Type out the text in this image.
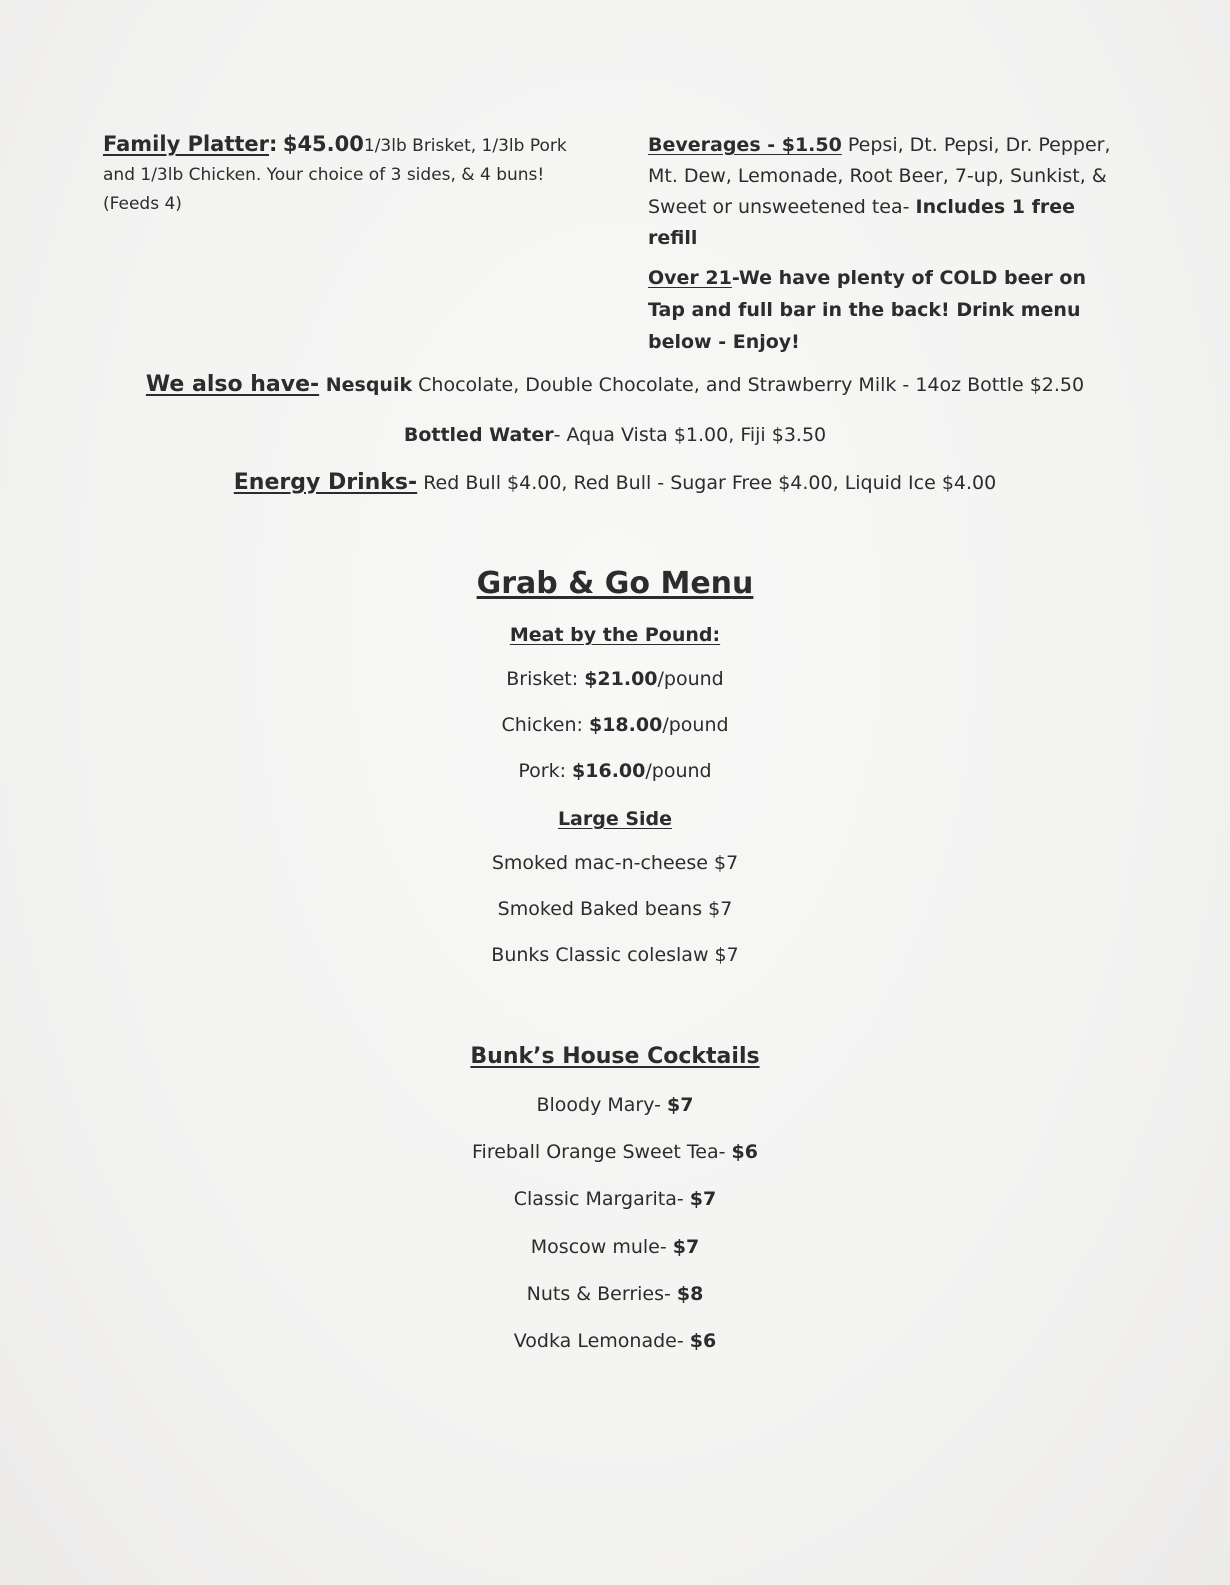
Family Platter: $45.001/3lb Brisket, 1/3lb Pork and 1/3lb Chicken. Your choice of 3 sides, & 4 buns! (Feeds 4)
Beverages - $1.50 Pepsi, Dt. Pepsi, Dr. Pepper, Mt. Dew, Lemonade, Root Beer, 7-up, Sunkist, & Sweet or unsweetened tea- Includes 1 free refill
Over 21-We have plenty of COLD beer on Tap and full bar in the back! Drink menu below - Enjoy!
We also have- Nesquik Chocolate, Double Chocolate, and Strawberry Milk - 14oz Bottle $2.50
Bottled Water- Aqua Vista $1.00, Fiji $3.50
Energy Drinks- Red Bull $4.00, Red Bull - Sugar Free $4.00, Liquid Ice $4.00
Grab & Go Menu
Meat by the Pound:
Brisket: $21.00/pound
Chicken: $18.00/pound
Pork: $16.00/pound
Large Side
Smoked mac-n-cheese $7
Smoked Baked beans $7
Bunks Classic coleslaw $7
Bunk’s House Cocktails
Bloody Mary- $7
Fireball Orange Sweet Tea- $6
Classic Margarita- $7
Moscow mule- $7
Nuts & Berries- $8
Vodka Lemonade- $6
